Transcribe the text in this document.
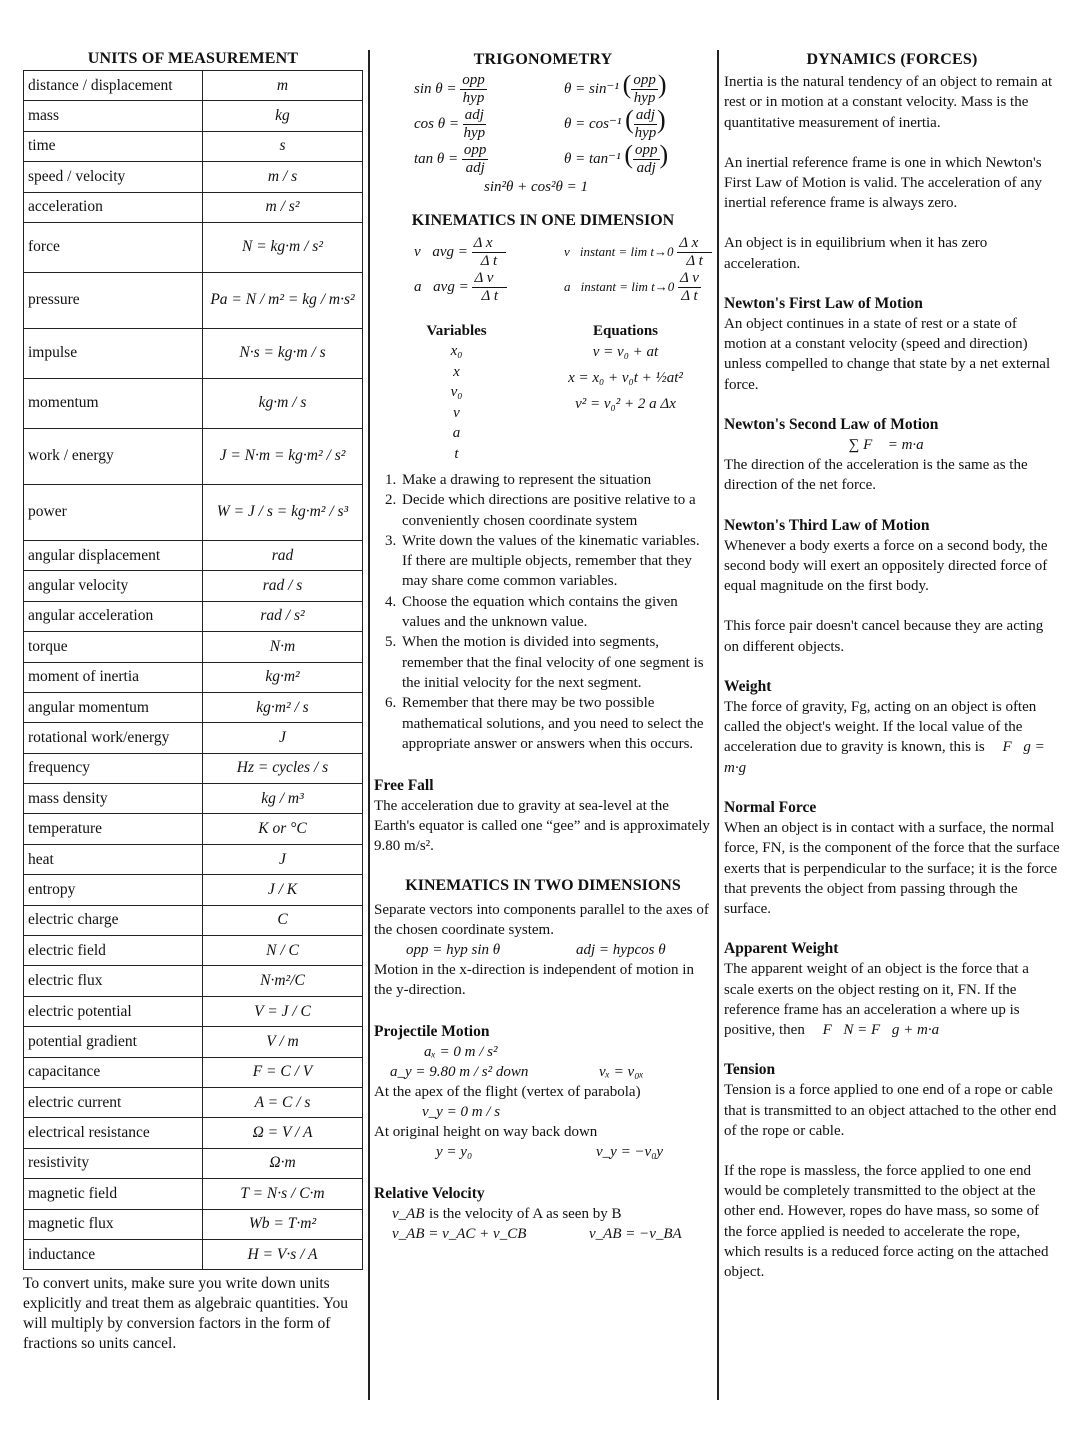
UNITS OF MEASUREMENT
distance / displacement	m
mass	kg
time	s
speed / velocity	m / s
acceleration	m / s²
force	N = kg·m / s²
pressure	Pa = N / m² = kg / m·s²
impulse	N·s = kg·m / s
momentum	kg·m / s
work / energy	J = N·m = kg·m² / s²
power	W = J / s = kg·m² / s³
angular displacement	rad
angular velocity	rad / s
angular acceleration	rad / s²
torque	N·m
moment of inertia	kg·m²
angular momentum	kg·m² / s
rotational work/energy	J
frequency	Hz = cycles / s
mass density	kg / m³
temperature	K or °C
heat	J
entropy	J / K
electric charge	C
electric field	N / C
electric flux	N·m²/C
electric potential	V = J / C
potential gradient	V / m
capacitance	F = C / V
electric current	A = C / s
electrical resistance	Ω = V / A
resistivity	Ω·m
magnetic field	T = N·s / C·m
magnetic flux	Wb = T·m²
inductance	H = V·s / A
To convert units, make sure you write down units explicitly and treat them as algebraic quantities. You will multiply by conversion factors in the form of fractions so units cancel.
TRIGONOMETRY
$\sin \theta = \frac{\text{opp}}{\text{hyp}}$	θ = sin⁻¹ ( $\frac{\text{opp}}{\text{hyp}}$ )
$\cos \theta = \frac{\text{adj}}{\text{hyp}}$	θ = cos⁻¹ ( $\frac{\text{adj}}{\text{hyp}}$ )
$\tan \theta = \frac{\text{opp}}{\text{adj}}$	θ = tan⁻¹ ( $\frac{\text{opp}}{\text{adj}}$ )
sin²θ + cos²θ = 1
KINEMATICS IN ONE DIMENSION
v⃗avg = $\frac{\text{Δ x⃗}}{\text{Δ t}}$	v⃗instant = $\lim t\to 0 \frac{\text{Δ x⃗}}{\text{Δ t}}$
a⃗avg = $\frac{\text{Δ v⃗}}{\text{Δ t}}$	a⃗instant = $\lim t\to 0 \frac{\text{Δ v}}{\text{Δ t}}$
Variables
x₀
x
v₀
v
a
t
Equations
v = v₀ + at
x = x₀ + v₀t + ½at²
v² = v₀² + 2 a Δx
1. Make a drawing to represent the situation
2. Decide which directions are positive relative to a conveniently chosen coordinate system
3. Write down the values of the kinematic variables. If there are multiple objects, remember that they may share come common variables.
4. Choose the equation which contains the given values and the unknown value.
5. When the motion is divided into segments, remember that the final velocity of one segment is the initial velocity for the next segment.
6. Remember that there may be two possible mathematical solutions, and you need to select the appropriate answer or answers when this occurs.
Free Fall
The acceleration due to gravity at sea-level at the Earth's equator is called one “gee” and is approximately 9.80 m/s².
KINEMATICS IN TWO DIMENSIONS
Separate vectors into components parallel to the axes of the chosen coordinate system.
opp = hyp sin θ	adj = hypcos θ
Motion in the x-direction is independent of motion in the y-direction.
Projectile Motion
aₓ = 0 m / s²
a_y = 9.80 m / s² down	vₓ = v₀ₓ
At the apex of the flight (vertex of parabola)
v_y = 0 m / s
At original height on way back down
y = y₀	v_y = −v₀y
Relative Velocity
v_AB is the velocity of A as seen by B
v_AB = v_AC + v_CB	v_AB = −v_BA
DYNAMICS (FORCES)

Inertia is the natural tendency of an object to remain at rest or in motion at a constant velocity. Mass is the quantitative measurement of inertia.

An inertial reference frame is one in which Newton's First Law of Motion is valid. The acceleration of any inertial reference frame is always zero.

An object is in equilibrium when it has zero acceleration.

Newton's First Law of Motion

An object continues in a state of rest or a state of motion at a constant velocity (speed and direction) unless compelled to change that state by a net external force.

Newton's Second Law of Motion
∑ F⃗ = m·a⃗

The direction of the acceleration is the same as the direction of the net force.

Newton's Third Law of Motion

Whenever a body exerts a force on a second body, the second body will exert an oppositely directed force of equal magnitude on the first body.

This force pair doesn't cancel because they are acting on different objects.

Weight

The force of gravity, Fg, acting on an object is often called the object's weight. If the local value of the acceleration due to gravity is known, this is F⃗g = m·g⃗

Normal Force

When an object is in contact with a surface, the normal force, FN, is the component of the force that the surface exerts that is perpendicular to the surface; it is the force that prevents the object from passing through the surface.

Apparent Weight

The apparent weight of an object is the force that a scale exerts on the object resting on it, FN. If the reference frame has an acceleration a where up is positive, then F⃗N = F⃗g + m·a⃗

Tension

Tension is a force applied to one end of a rope or cable that is transmitted to an object attached to the other end of the rope or cable.

If the rope is massless, the force applied to one end would be completely transmitted to the object at the other end. However, ropes do have mass, so some of the force applied is needed to accelerate the rope, which results is a reduced force acting on the attached object.
